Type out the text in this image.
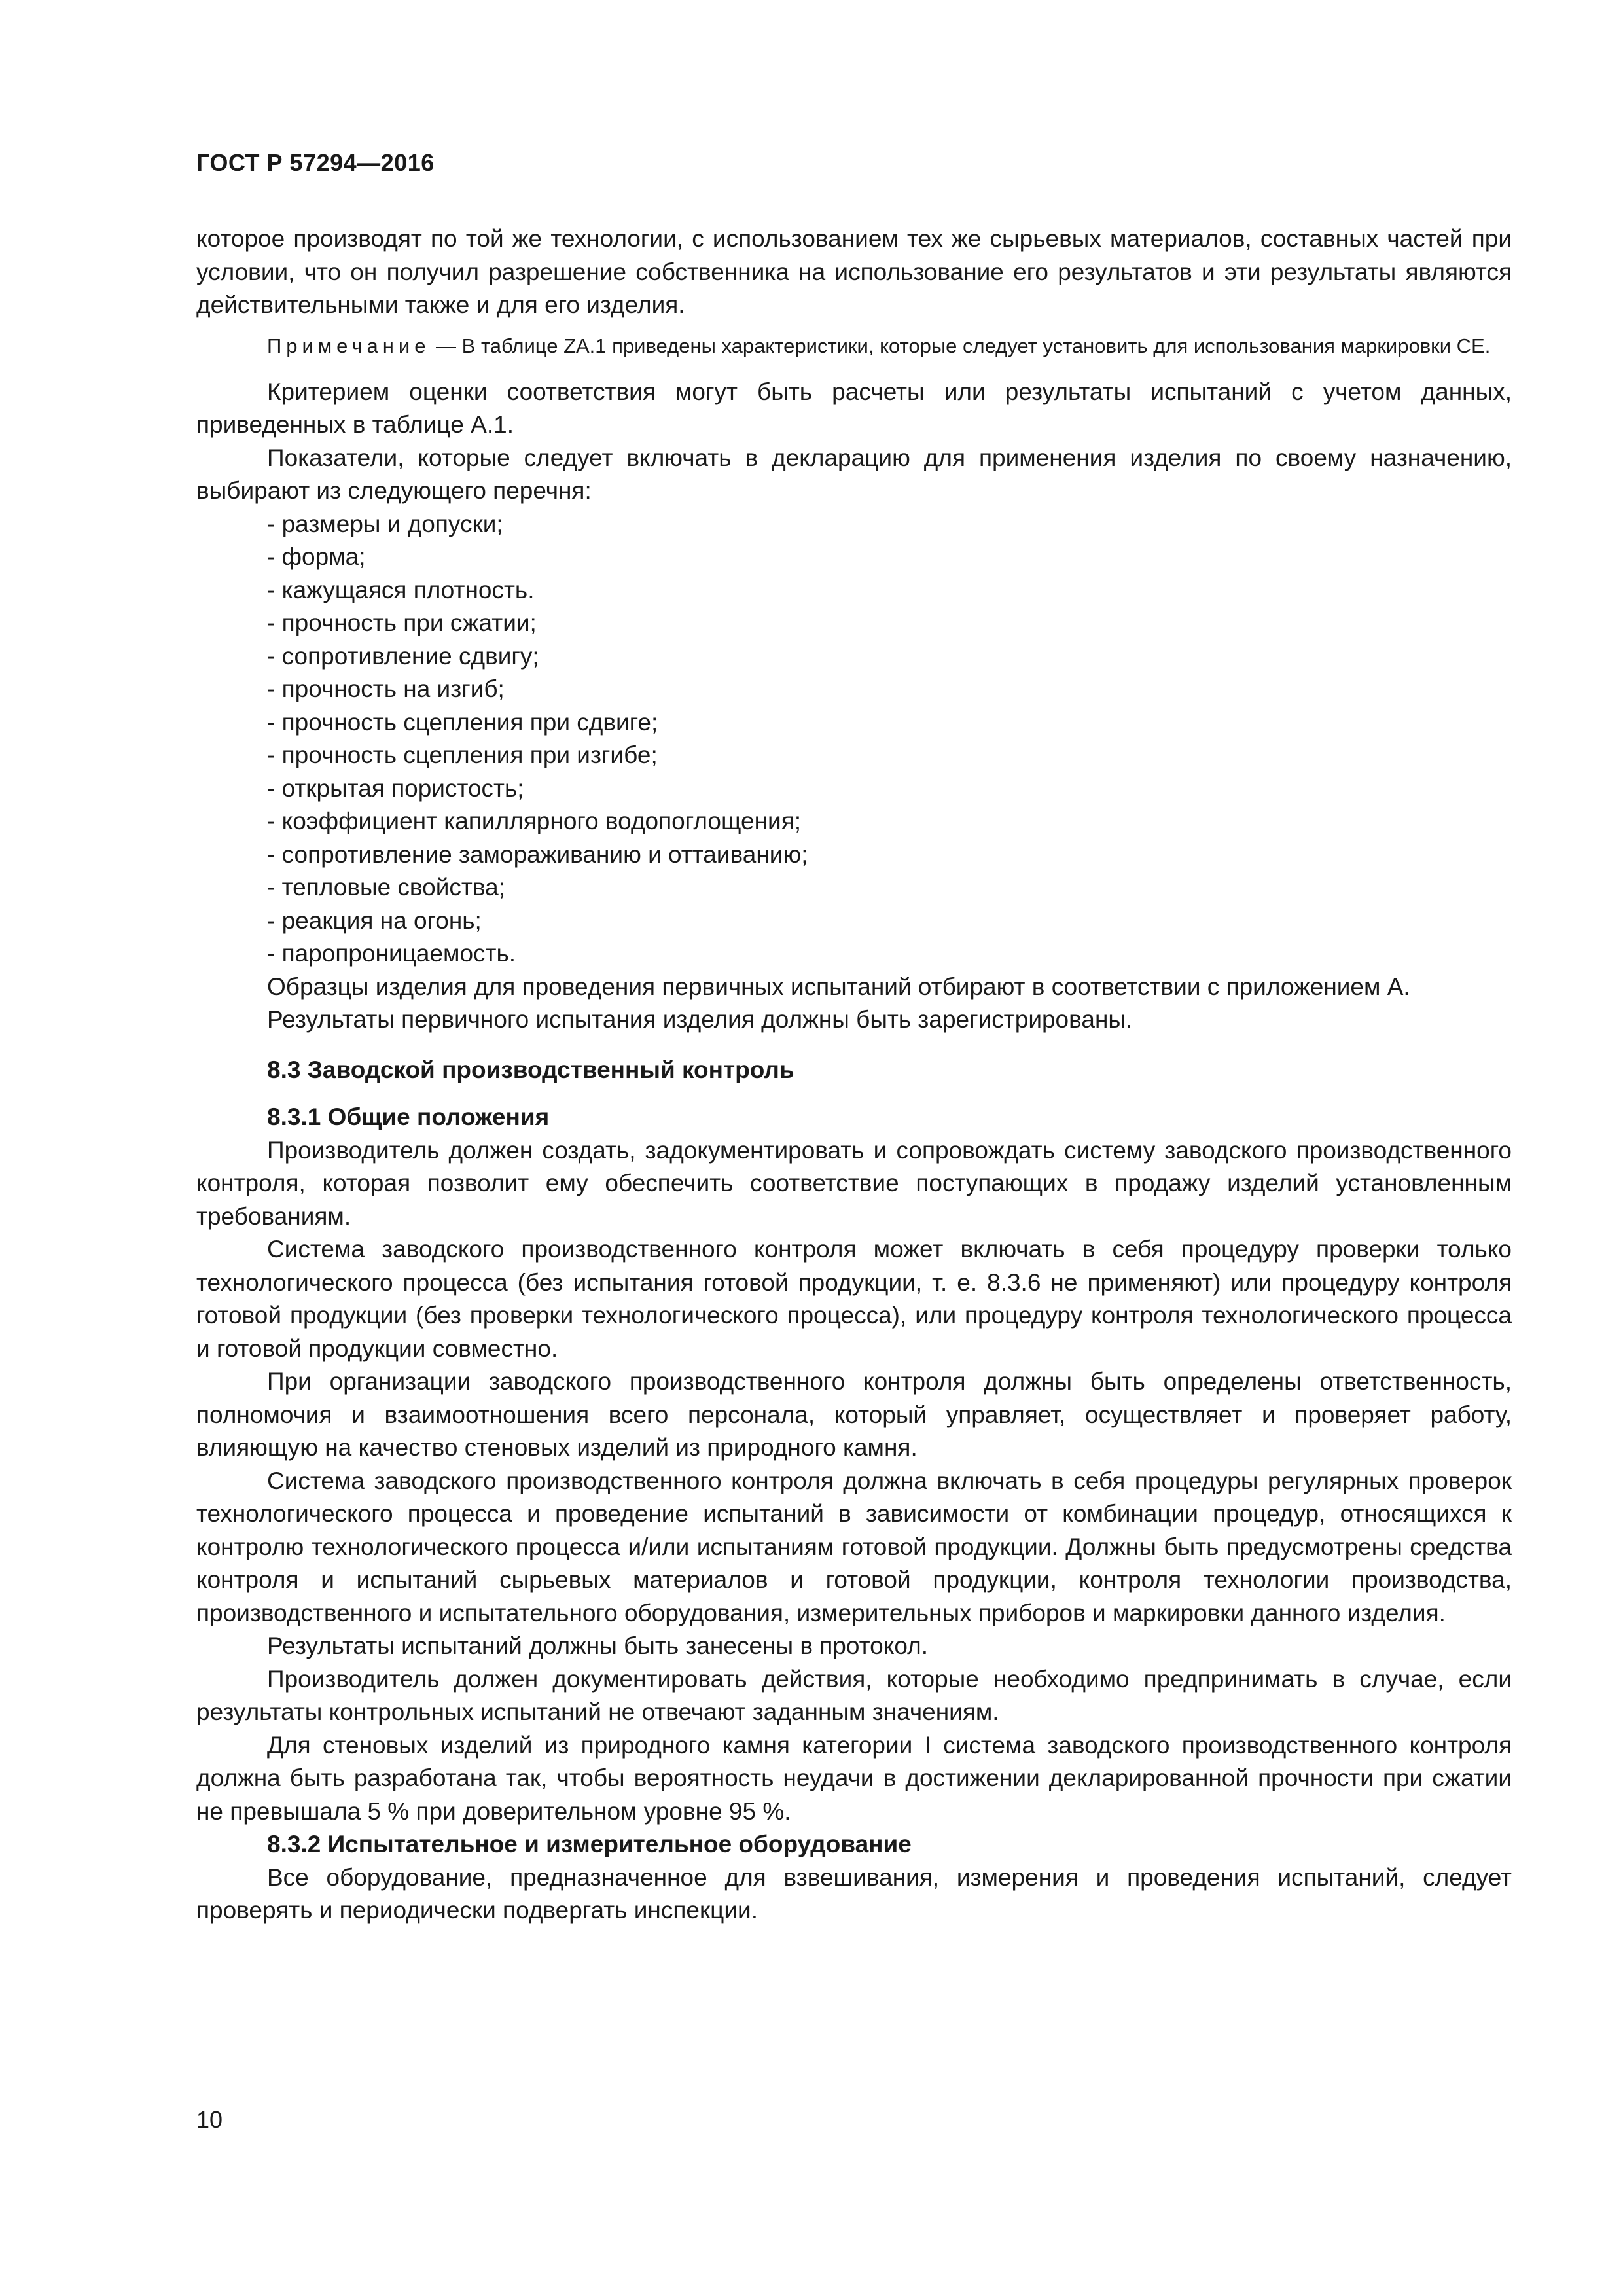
ГОСТ Р 57294—2016

которое производят по той же технологии, с использованием тех же сырьевых материалов, составных частей при условии, что он получил разрешение собственника на использование его результатов и эти результаты являются действительными также и для его изделия.

Примечание — В таблице ZA.1 приведены характеристики, которые следует установить для использования маркировки СЕ.

Критерием оценки соответствия могут быть расчеты или результаты испытаний с учетом данных, приведенных в таблице А.1.

Показатели, которые следует включать в декларацию для применения изделия по своему назначению, выбирают из следующего перечня:

- размеры и допуски;
- форма;
- кажущаяся плотность.
- прочность при сжатии;
- сопротивление сдвигу;
- прочность на изгиб;
- прочность сцепления при сдвиге;
- прочность сцепления при изгибе;
- открытая пористость;
- коэффициент капиллярного водопоглощения;
- сопротивление замораживанию и оттаиванию;
- тепловые свойства;
- реакция на огонь;
- паропроницаемость.

Образцы изделия для проведения первичных испытаний отбирают в соответствии с приложением А.

Результаты первичного испытания изделия должны быть зарегистрированы.

8.3 Заводской производственный контроль

8.3.1 Общие положения

Производитель должен создать, задокументировать и сопровождать систему заводского производственного контроля, которая позволит ему обеспечить соответствие поступающих в продажу изделий установленным требованиям.

Система заводского производственного контроля может включать в себя процедуру проверки только технологического процесса (без испытания готовой продукции, т. е. 8.3.6 не применяют) или процедуру контроля готовой продукции (без проверки технологического процесса), или процедуру контроля технологического процесса и готовой продукции совместно.

При организации заводского производственного контроля должны быть определены ответственность, полномочия и взаимоотношения всего персонала, который управляет, осуществляет и проверяет работу, влияющую на качество стеновых изделий из природного камня.

Система заводского производственного контроля должна включать в себя процедуры регулярных проверок технологического процесса и проведение испытаний в зависимости от комбинации процедур, относящихся к контролю технологического процесса и/или испытаниям готовой продукции. Должны быть предусмотрены средства контроля и испытаний сырьевых материалов и готовой продукции, контроля технологии производства, производственного и испытательного оборудования, измерительных приборов и маркировки данного изделия.

Результаты испытаний должны быть занесены в протокол.

Производитель должен документировать действия, которые необходимо предпринимать в случае, если результаты контрольных испытаний не отвечают заданным значениям.

Для стеновых изделий из природного камня категории I система заводского производственного контроля должна быть разработана так, чтобы вероятность неудачи в достижении декларированной прочности при сжатии не превышала 5 % при доверительном уровне 95 %.

8.3.2 Испытательное и измерительное оборудование

Все оборудование, предназначенное для взвешивания, измерения и проведения испытаний, следует проверять и периодически подвергать инспекции.

10
